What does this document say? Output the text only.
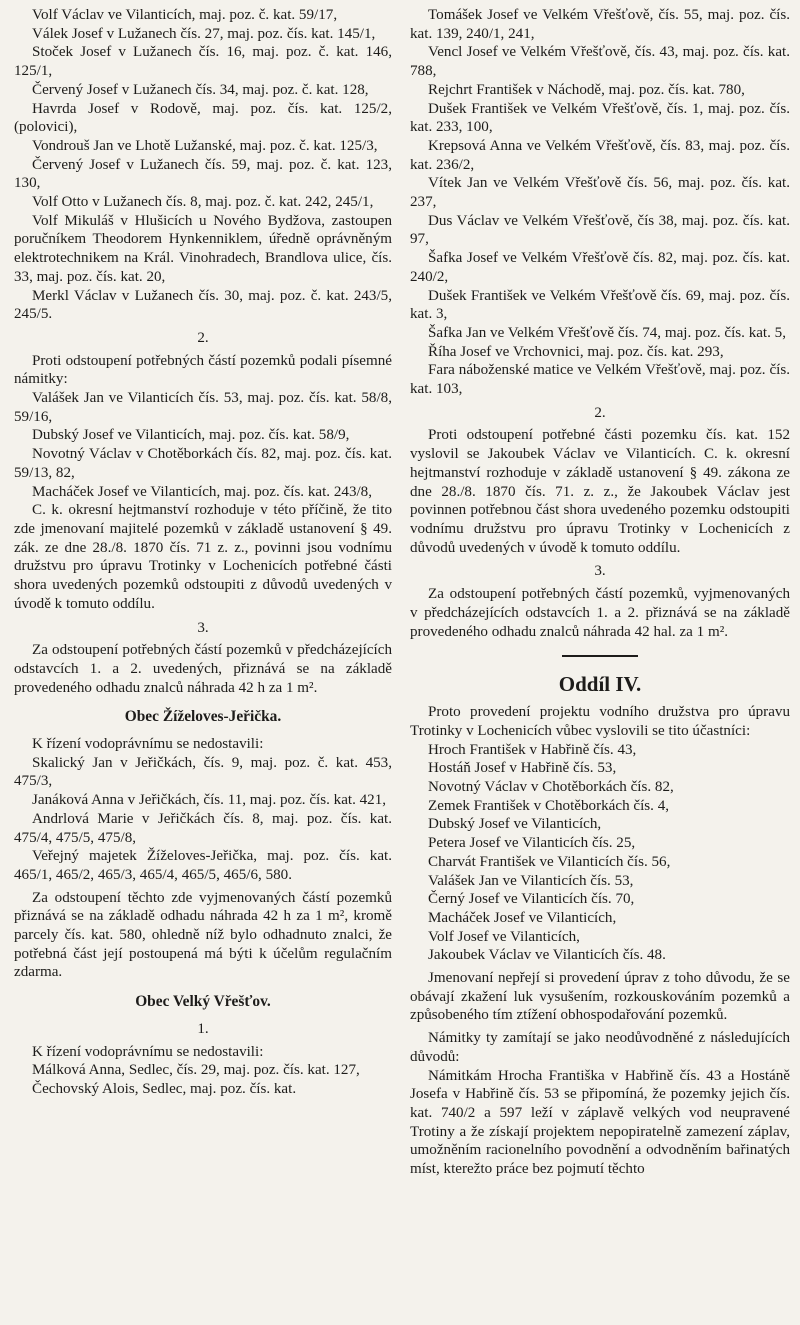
Volf Václav ve Vilanticích, maj. poz. č. kat. 59/17,

Válek Josef v Lužanech čís. 27, maj. poz. čís. kat. 145/1,

Stoček Josef v Lužanech čís. 16, maj. poz. č. kat. 146, 125/1,

Červený Josef v Lužanech čís. 34, maj. poz. č. kat. 128,

Havrda Josef v Rodově, maj. poz. čís. kat. 125/2, (polovici),

Vondrouš Jan ve Lhotě Lužanské, maj. poz. č. kat. 125/3,

Červený Josef v Lužanech čís. 59, maj. poz. č. kat. 123, 130,

Volf Otto v Lužanech čís. 8, maj. poz. č. kat. 242, 245/1,

Volf Mikuláš v Hlušicích u Nového Bydžova, zastoupen poručníkem Theodorem Hynkenniklem, úředně oprávněným elektrotechnikem na Král. Vinohradech, Brandlova ulice, čís. 33, maj. poz. čís. kat. 20,

Merkl Václav v Lužanech čís. 30, maj. poz. č. kat. 243/5, 245/5.

2.

Proti odstoupení potřebných částí pozemků podali písemné námitky:

Valášek Jan ve Vilanticích čís. 53, maj. poz. čís. kat. 58/8, 59/16,

Dubský Josef ve Vilanticích, maj. poz. čís. kat. 58/9,

Novotný Václav v Chotěborkách čís. 82, maj. poz. čís. kat. 59/13, 82,

Macháček Josef ve Vilanticích, maj. poz. čís. kat. 243/8,

C. k. okresní hejtmanství rozhoduje v této příčině, že tito zde jmenovaní majitelé pozemků v základě ustanovení § 49. zák. ze dne 28./8. 1870 čís. 71 z. z., povinni jsou vodnímu družstvu pro úpravu Trotinky v Lochenicích potřebné části shora uvedených pozemků odstoupiti z důvodů uvedených v úvodě k tomuto oddílu.

3.

Za odstoupení potřebných částí pozemků v předcházejících odstavcích 1. a 2. uvedených, přiznává se na základě provedeného odhadu znalců náhrada 42 h za 1 m².

Obec Žíželoves-Jeřička.

K řízení vodoprávnímu se nedostavili:

Skalický Jan v Jeřičkách, čís. 9, maj. poz. č. kat. 453, 475/3,

Janáková Anna v Jeřičkách, čís. 11, maj. poz. čís. kat. 421,

Andrlová Marie v Jeřičkách čís. 8, maj. poz. čís. kat. 475/4, 475/5, 475/8,

Veřejný majetek Žíželoves-Jeřička, maj. poz. čís. kat. 465/1, 465/2, 465/3, 465/4, 465/5, 465/6, 580.

Za odstoupení těchto zde vyjmenovaných částí pozemků přiznává se na základě odhadu náhrada 42 h za 1 m², kromě parcely čís. kat. 580, ohledně níž bylo odhadnuto znalci, že potřebná část její postoupená má býti k účelům regulačním zdarma.

Obec Velký Vřešťov.

1.

K řízení vodoprávnímu se nedostavili:

Málková Anna, Sedlec, čís. 29, maj. poz. čís. kat. 127,

Čechovský Alois, Sedlec, maj. poz. čís. kat.

Tomášek Josef ve Velkém Vřešťově, čís. 55, maj. poz. čís. kat. 139, 240/1, 241,

Vencl Josef ve Velkém Vřešťově, čís. 43, maj. poz. čís. kat. 788,

Rejchrt František v Náchodě, maj. poz. čís. kat. 780,

Dušek František ve Velkém Vřešťově, čís. 1, maj. poz. čís. kat. 233, 100,

Krepsová Anna ve Velkém Vřešťově, čís. 83, maj. poz. čís. kat. 236/2,

Vítek Jan ve Velkém Vřešťově čís. 56, maj. poz. čís. kat. 237,

Dus Václav ve Velkém Vřešťově, čís 38, maj. poz. čís. kat. 97,

Šafka Josef ve Velkém Vřešťově čís. 82, maj. poz. čís. kat. 240/2,

Dušek František ve Velkém Vřešťově čís. 69, maj. poz. čís. kat. 3,

Šafka Jan ve Velkém Vřešťově čís. 74, maj. poz. čís. kat. 5,

Říha Josef ve Vrchovnici, maj. poz. čís. kat. 293,

Fara náboženské matice ve Velkém Vřešťově, maj. poz. čís. kat. 103,

2.

Proti odstoupení potřebné části pozemku čís. kat. 152 vyslovil se Jakoubek Václav ve Vilanticích. C. k. okresní hejtmanství rozhoduje v základě ustanovení § 49. zákona ze dne 28./8. 1870 čís. 71. z. z., že Jakoubek Václav jest povinnen potřebnou část shora uvedeného pozemku odstoupiti vodnímu družstvu pro úpravu Trotinky v Lochenicích z důvodů uvedených v úvodě k tomuto oddílu.

3.

Za odstoupení potřebných částí pozemků, vyjmenovaných v předcházejících odstavcích 1. a 2. přiznává se na základě provedeného odhadu znalců náhrada 42 hal. za 1 m².

Oddíl IV.

Proto provedení projektu vodního družstva pro úpravu Trotinky v Lochenicích vůbec vyslovili se tito účastníci:

Hroch František v Habřině čís. 43,

Hostáň Josef v Habřině čís. 53,

Novotný Václav v Chotěborkách čís. 82,

Zemek František v Chotěborkách čís. 4,

Dubský Josef ve Vilanticích,

Petera Josef ve Vilanticích čís. 25,

Charvát František ve Vilanticích čís. 56,

Valášek Jan ve Vilanticích čís. 53,

Černý Josef ve Vilanticích čís. 70,

Macháček Josef ve Vilanticích,

Volf Josef ve Vilanticích,

Jakoubek Václav ve Vilanticích čís. 48.

Jmenovaní nepřejí si provedení úprav z toho důvodu, že se obávají zkažení luk vysušením, rozkouskováním pozemků a způsobeného tím ztížení obhospodařování pozemků.

Námitky ty zamítají se jako neodůvodněné z následujících důvodů:

Námitkám Hrocha Františka v Habřině čís. 43 a Hostáně Josefa v Habřině čís. 53 se připomíná, že pozemky jejich čís. kat. 740/2 a 597 leží v záplavě velkých vod neupravené Trotiny a že získají projektem nepopiratelně zamezení záplav, umožněním racionelního povodnění a odvodněním bařinatých míst, kterežto práce bez pojmutí těchto
